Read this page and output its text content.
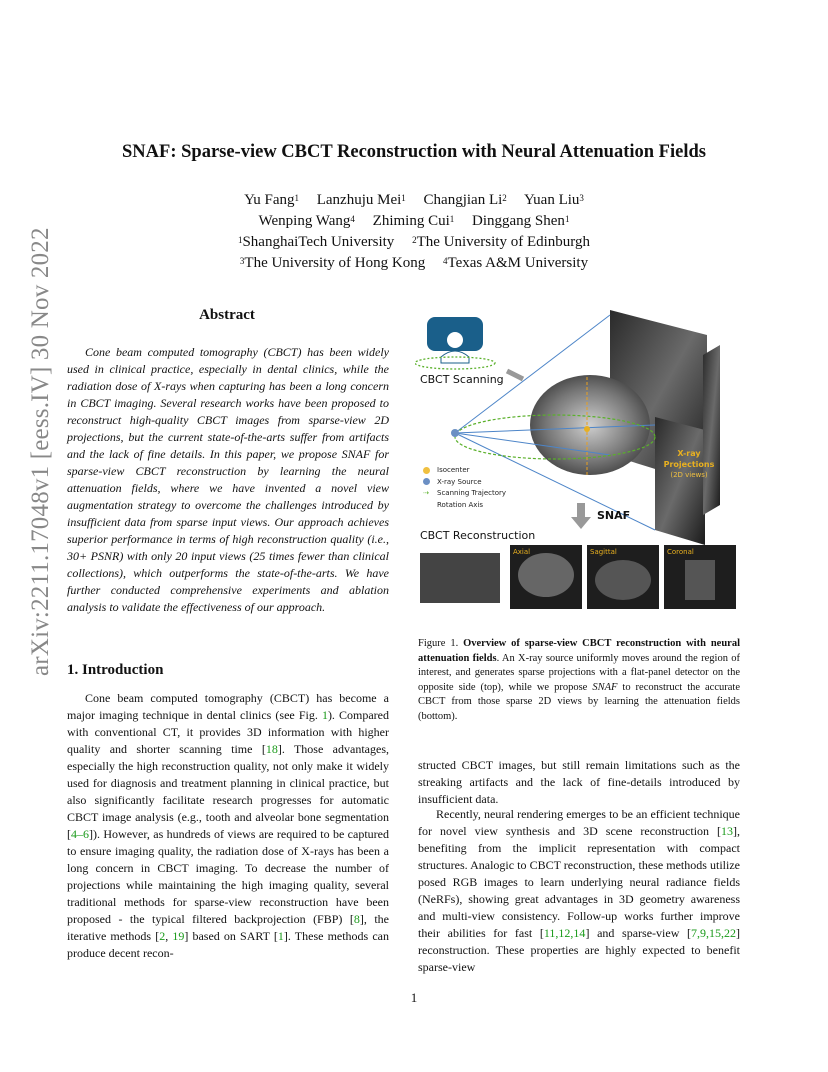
arXiv:2211.17048v1 [eess.IV] 30 Nov 2022
SNAF: Sparse-view CBCT Reconstruction with Neural Attenuation Fields
Yu Fang$^1$ Lanzhuju Mei$^1$ Changjian Li$^2$ Yuan Liu$^3$
Wenping Wang$^4$ Zhiming Cui$^1$ Dinggang Shen$^1$
$^1$ShanghaiTech University $^2$The University of Edinburgh
$^3$The University of Hong Kong $^4$Texas A&M University
Abstract

Cone beam computed tomography (CBCT) has been widely used in clinical practice, especially in dental clinics, while the radiation dose of X-rays when capturing has been a long concern in CBCT imaging. Several research works have been proposed to reconstruct high-quality CBCT images from sparse-view 2D projections, but the current state-of-the-arts suffer from artifacts and the lack of fine details. In this paper, we propose SNAF for sparse-view CBCT reconstruction by learning the neural attenuation fields, where we have invented a novel view augmentation strategy to overcome the challenges introduced by insufficient data from sparse input views. Our approach achieves superior performance in terms of high reconstruction quality (i.e., 30+ PSNR) with only 20 input views (25 times fewer than clinical collections), which outperforms the state-of-the-arts. We have further conducted comprehensive experiments and ablation analysis to validate the effectiveness of our approach.

1. Introduction

Cone beam computed tomography (CBCT) has become a major imaging technique in dental clinics (see Fig. 1). Compared with conventional CT, it provides 3D information with higher quality and shorter scanning time [18]. Those advantages, especially the high reconstruction quality, not only make it widely used for diagnosis and treatment planning in clinical practice, but also significantly facilitate research progresses for automatic CBCT image analysis (e.g., tooth and alveolar bone segmentation [4–6]). However, as hundreds of views are required to be captured to ensure imaging quality, the radiation dose of X-rays has been a long concern in CBCT imaging. To decrease the number of projections while maintaining the high imaging quality, several traditional methods for sparse-view reconstruction have been proposed - the typical filtered backprojection (FBP) [8], the iterative methods [2, 19] based on SART [1]. These methods can produce decent recon-

CBCT Scanning
CBCT Reconstruction
Isocenter
X-ray Source
⇢ Scanning Trajectory
Rotation Axis
X-ray
Projections
(2D views)
SNAF
Axial	Sagittal	Coronal

Figure 1. Overview of sparse-view CBCT reconstruction with neural attenuation fields. An X-ray source uniformly moves around the region of interest, and generates sparse projections with a flat-panel detector on the opposite side (top), while we propose SNAF to reconstruct the accurate CBCT from those sparse 2D views by learning the attenuation fields (bottom).

structed CBCT images, but still remain limitations such as the streaking artifacts and the lack of fine-details introduced by insufficient data.

Recently, neural rendering emerges to be an efficient technique for novel view synthesis and 3D scene reconstruction [13], benefiting from the implicit representation with compact structures. Analogic to CBCT reconstruction, these methods utilize posed RGB images to learn underlying neural radiance fields (NeRFs), showing great advantages in 3D geometry awareness and multi-view consistency. Follow-up works further improve their abilities for fast [11,12,14] and sparse-view [7,9,15,22] reconstruction. These properties are highly expected to benefit sparse-view

1
